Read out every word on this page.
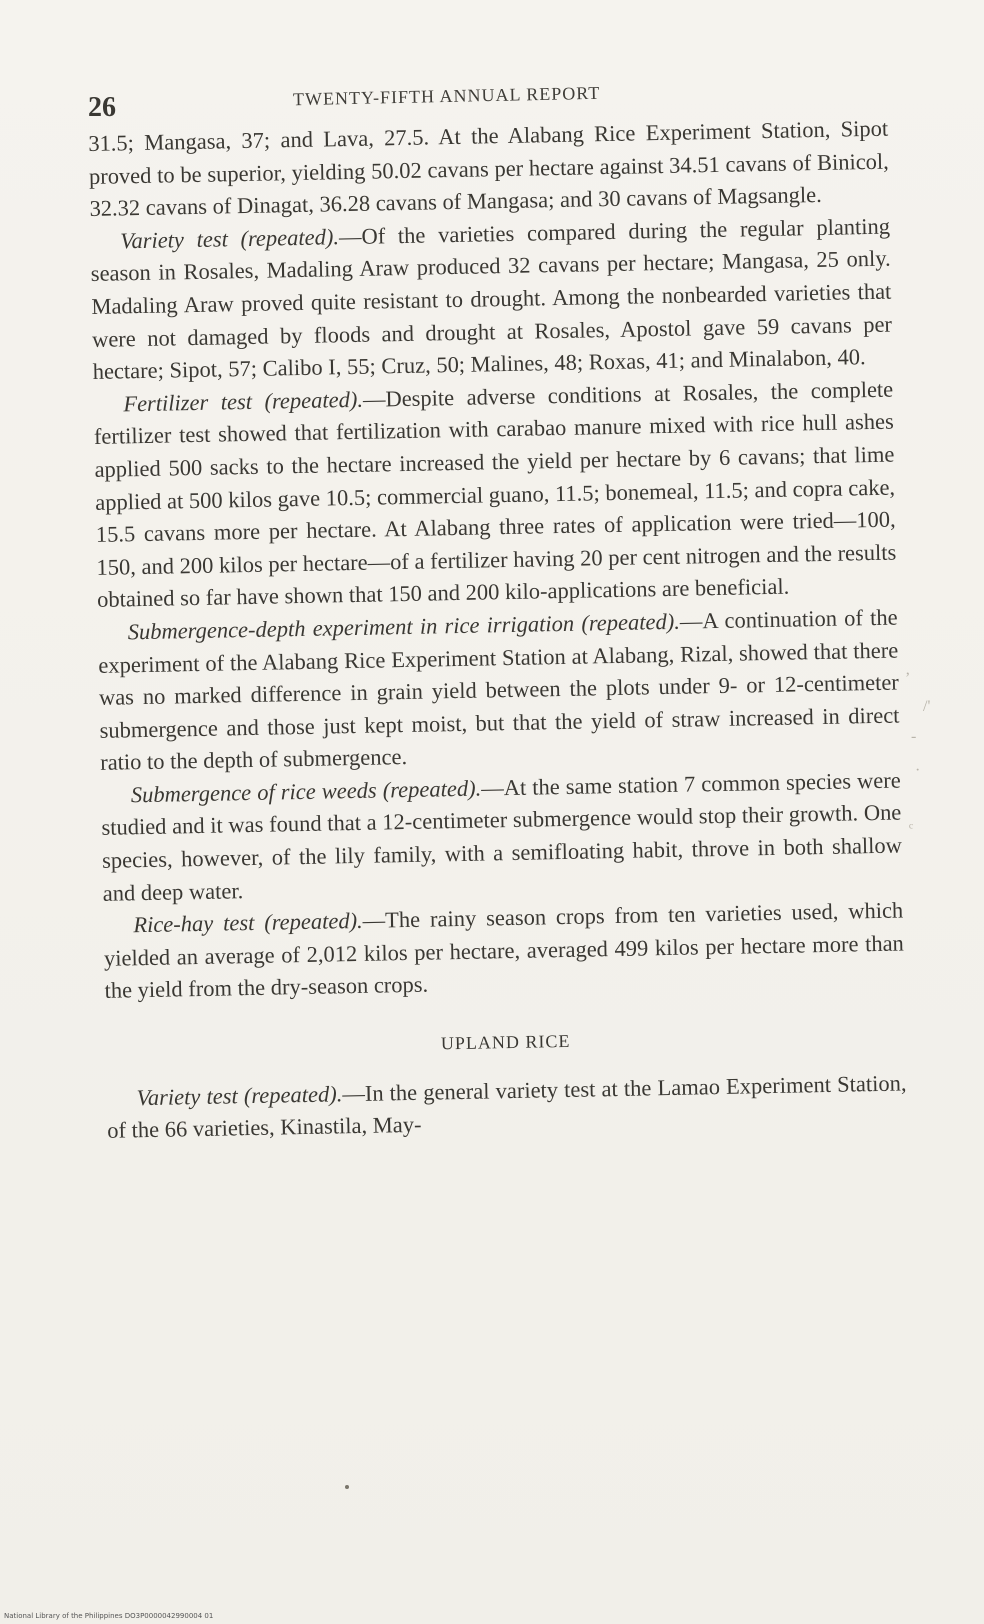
26	TWENTY-FIFTH ANNUAL REPORT

31.5; Mangasa, 37; and Lava, 27.5. At the Alabang Rice Experiment Station, Sipot proved to be superior, yielding 50.02 cavans per hectare against 34.51 cavans of Binicol, 32.32 cavans of Dinagat, 36.28 cavans of Mangasa; and 30 cavans of Magsangle.

Variety test (repeated).—Of the varieties compared during the regular planting season in Rosales, Madaling Araw produced 32 cavans per hectare; Mangasa, 25 only. Madaling Araw proved quite resistant to drought. Among the nonbearded varieties that were not damaged by floods and drought at Rosales, Apostol gave 59 cavans per hectare; Sipot, 57; Calibo I, 55; Cruz, 50; Malines, 48; Roxas, 41; and Minalabon, 40.

Fertilizer test (repeated).—Despite adverse conditions at Rosales, the complete fertilizer test showed that fertilization with carabao manure mixed with rice hull ashes applied 500 sacks to the hectare increased the yield per hectare by 6 cavans; that lime applied at 500 kilos gave 10.5; commercial guano, 11.5; bonemeal, 11.5; and copra cake, 15.5 cavans more per hectare. At Alabang three rates of application were tried—100, 150, and 200 kilos per hectare—of a fertilizer having 20 per cent nitrogen and the results obtained so far have shown that 150 and 200 kilo-applications are beneficial.

Submergence-depth experiment in rice irrigation (repeated).—A continuation of the experiment of the Alabang Rice Experiment Station at Alabang, Rizal, showed that there was no marked difference in grain yield between the plots under 9- or 12-centimeter submergence and those just kept moist, but that the yield of straw increased in direct ratio to the depth of submergence.

Submergence of rice weeds (repeated).—At the same station 7 common species were studied and it was found that a 12-centimeter submergence would stop their growth. One species, however, of the lily family, with a semifloating habit, throve in both shallow and deep water.

Rice-hay test (repeated).—The rainy season crops from ten varieties used, which yielded an average of 2,012 kilos per hectare, averaged 499 kilos per hectare more than the yield from the dry-season crops.

UPLAND RICE

Variety test (repeated).—In the general variety test at the Lamao Experiment Station, of the 66 varieties, Kinastila, May-

ʼ
/'
‐
·
ᶜ
National Library of the Philippines DO3P0000042990004 01
